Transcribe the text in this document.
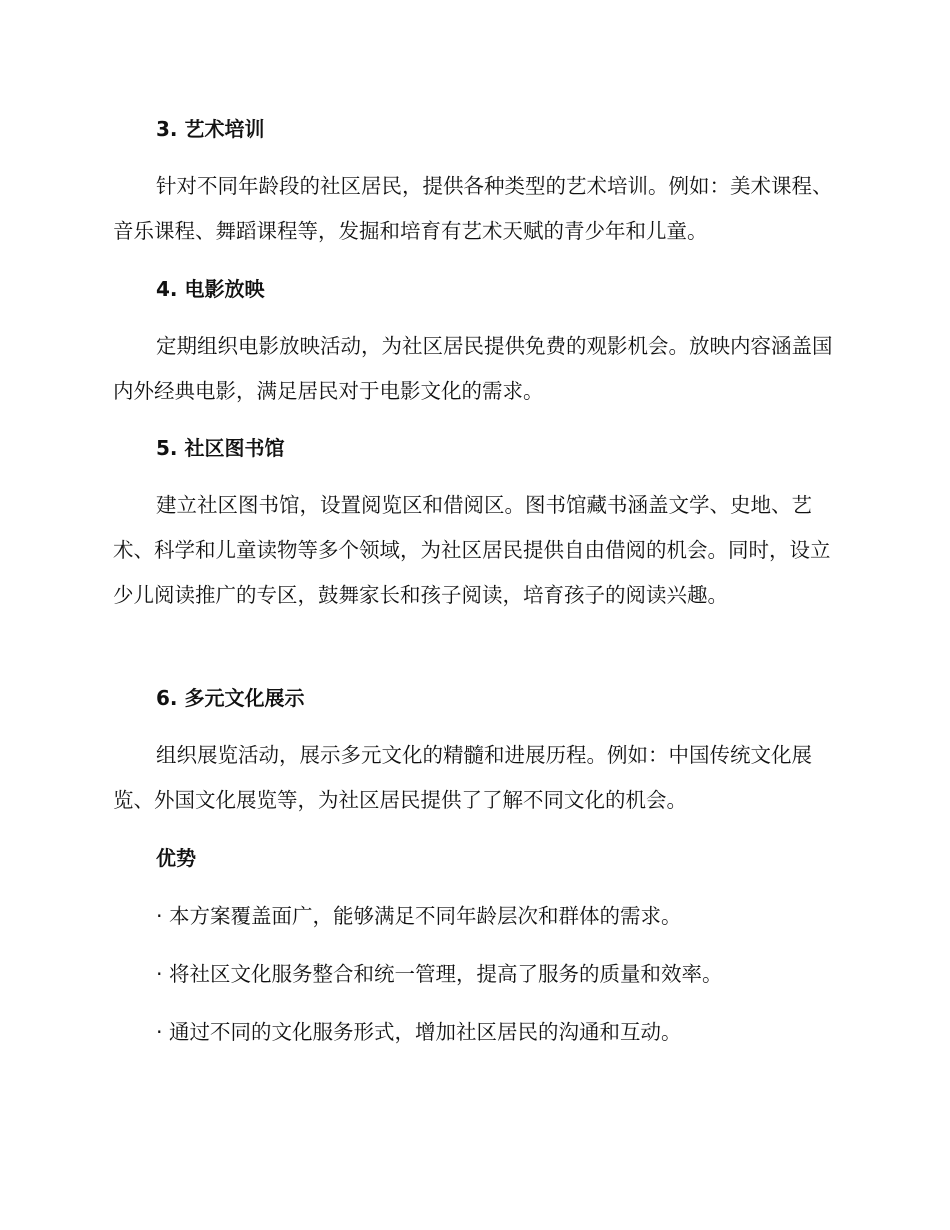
3. 艺术培训

针对不同年龄段的社区居民，提供各种类型的艺术培训。例如：美术课程、音乐课程、舞蹈课程等，发掘和培育有艺术天赋的青少年和儿童。

4. 电影放映

定期组织电影放映活动，为社区居民提供免费的观影机会。放映内容涵盖国内外经典电影，满足居民对于电影文化的需求。

5. 社区图书馆

建立社区图书馆，设置阅览区和借阅区。图书馆藏书涵盖文学、史地、艺术、科学和儿童读物等多个领域，为社区居民提供自由借阅的机会。同时，设立少儿阅读推广的专区，鼓舞家长和孩子阅读，培育孩子的阅读兴趣。

6. 多元文化展示

组织展览活动，展示多元文化的精髓和进展历程。例如：中国传统文化展览、外国文化展览等，为社区居民提供了了解不同文化的机会。

优势
· 本方案覆盖面广，能够满足不同年龄层次和群体的需求。
· 将社区文化服务整合和统一管理，提高了服务的质量和效率。
· 通过不同的文化服务形式，增加社区居民的沟通和互动。
